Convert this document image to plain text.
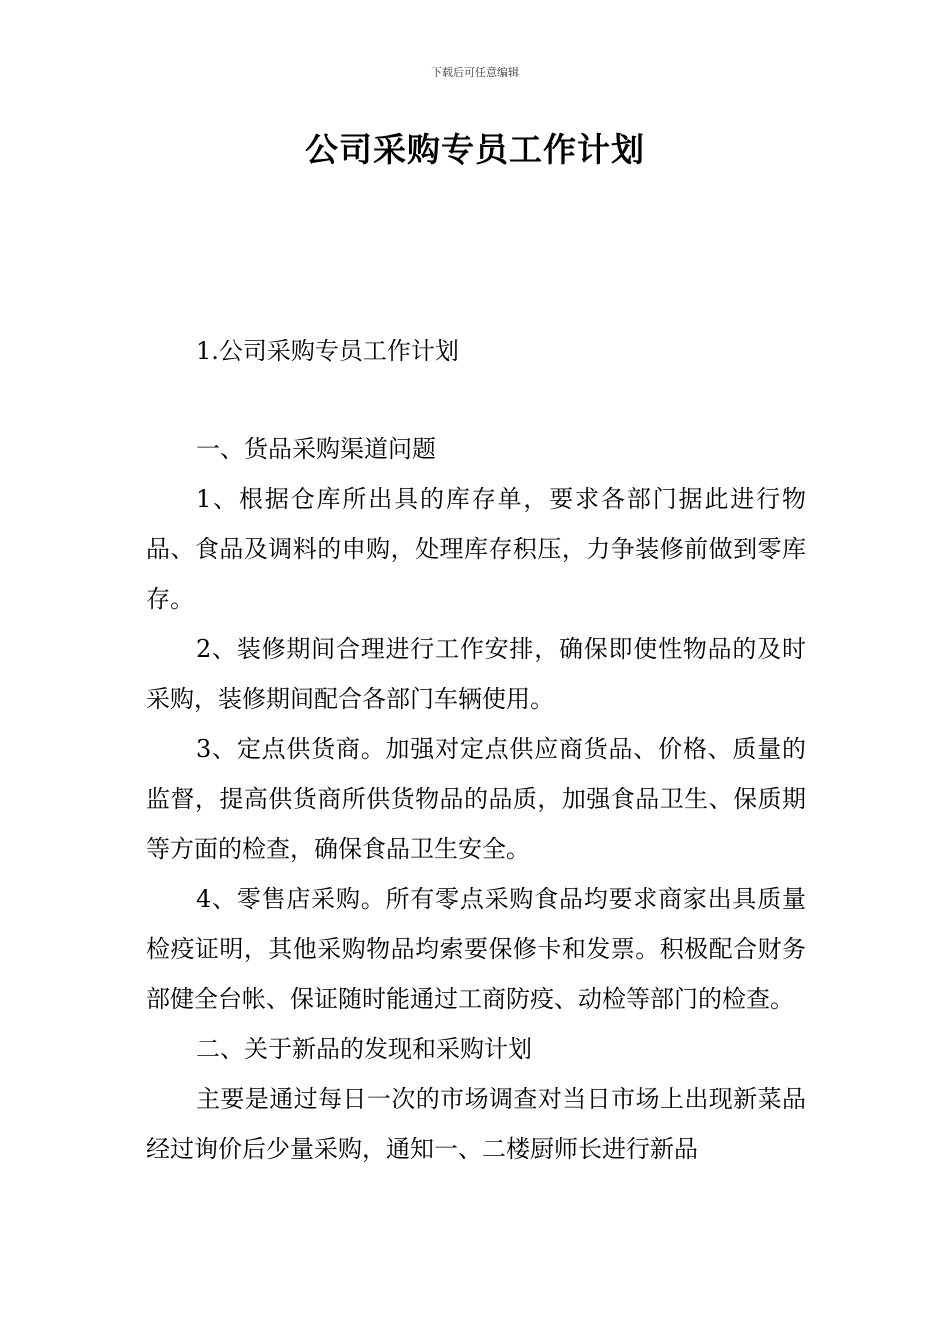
下载后可任意编辑
公司采购专员工作计划

1.公司采购专员工作计划

一、货品采购渠道问题

1、根据仓库所出具的库存单，要求各部门据此进行物品、食品及调料的申购，处理库存积压，力争装修前做到零库存。

2、装修期间合理进行工作安排，确保即使性物品的及时采购，装修期间配合各部门车辆使用。

3、定点供货商。加强对定点供应商货品、价格、质量的监督，提高供货商所供货物品的品质，加强食品卫生、保质期等方面的检查，确保食品卫生安全。

4、零售店采购。所有零点采购食品均要求商家出具质量检疫证明，其他采购物品均索要保修卡和发票。积极配合财务部健全台帐、保证随时能通过工商防疫、动检等部门的检查。

二、关于新品的发现和采购计划

主要是通过每日一次的市场调查对当日市场上出现新菜品经过询价后少量采购，通知一、二楼厨师长进行新品
